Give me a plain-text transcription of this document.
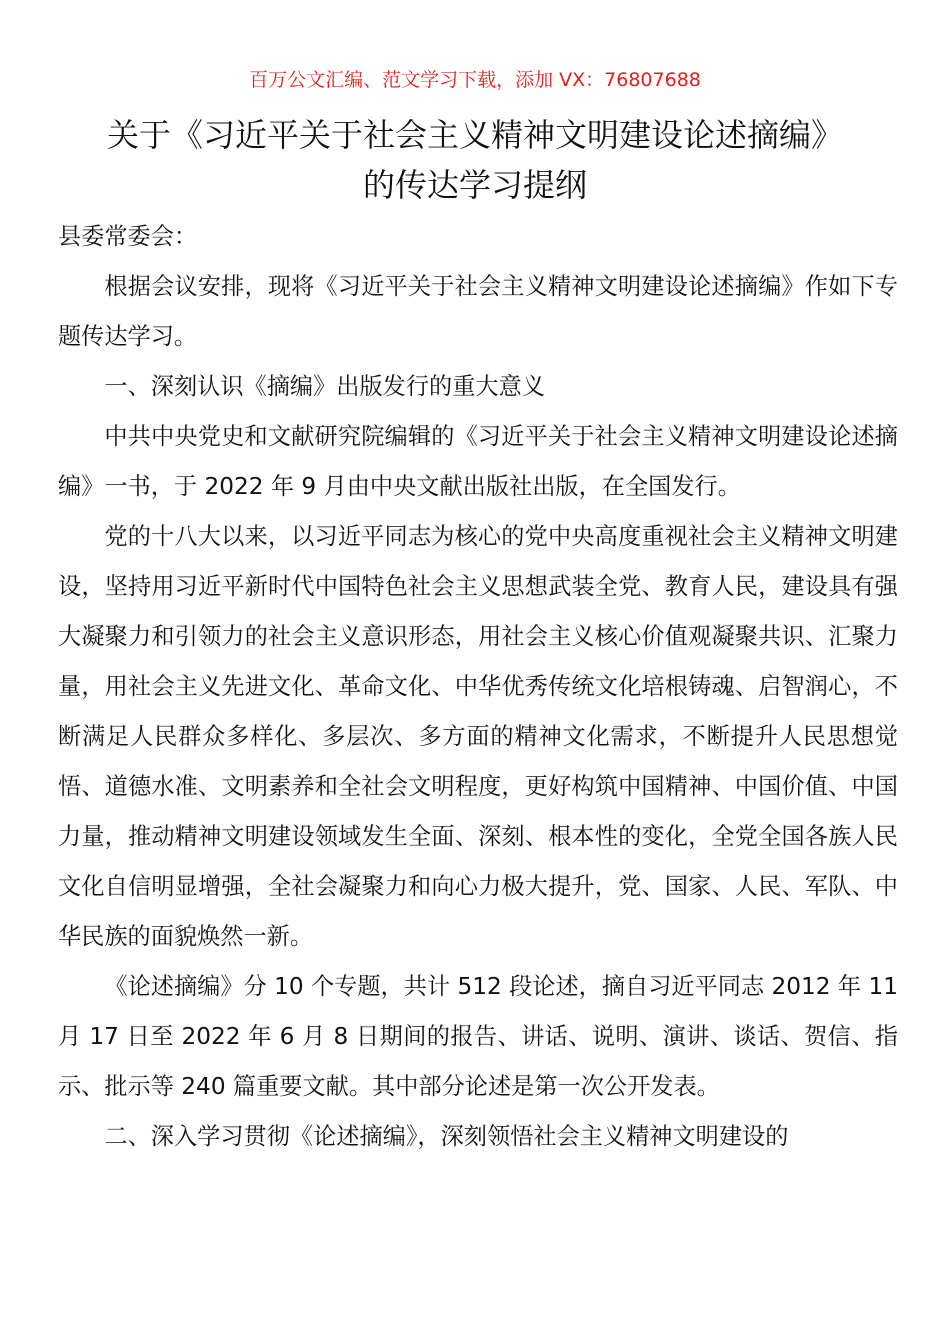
百万公文汇编、范文学习下载，添加 VX：76807688
关于《习近平关于社会主义精神文明建设论述摘编》
的传达学习提纲

县委常委会：

根据会议安排，现将《习近平关于社会主义精神文明建设论述摘编》作如下专题传达学习。

一、深刻认识《摘编》出版发行的重大意义

中共中央党史和文献研究院编辑的《习近平关于社会主义精神文明建设论述摘编》一书，于 2022 年 9 月由中央文献出版社出版，在全国发行。

党的十八大以来，以习近平同志为核心的党中央高度重视社会主义精神文明建设，坚持用习近平新时代中国特色社会主义思想武装全党、教育人民，建设具有强大凝聚力和引领力的社会主义意识形态，用社会主义核心价值观凝聚共识、汇聚力量，用社会主义先进文化、革命文化、中华优秀传统文化培根铸魂、启智润心，不断满足人民群众多样化、多层次、多方面的精神文化需求，不断提升人民思想觉悟、道德水准、文明素养和全社会文明程度，更好构筑中国精神、中国价值、中国力量，推动精神文明建设领域发生全面、深刻、根本性的变化，全党全国各族人民文化自信明显增强，全社会凝聚力和向心力极大提升，党、国家、人民、军队、中华民族的面貌焕然一新。

《论述摘编》分 10 个专题，共计 512 段论述，摘自习近平同志 2012 年 11 月 17 日至 2022 年 6 月 8 日期间的报告、讲话、说明、演讲、谈话、贺信、指示、批示等 240 篇重要文献。其中部分论述是第一次公开发表。

二、深入学习贯彻《论述摘编》，深刻领悟社会主义精神文明建设的
